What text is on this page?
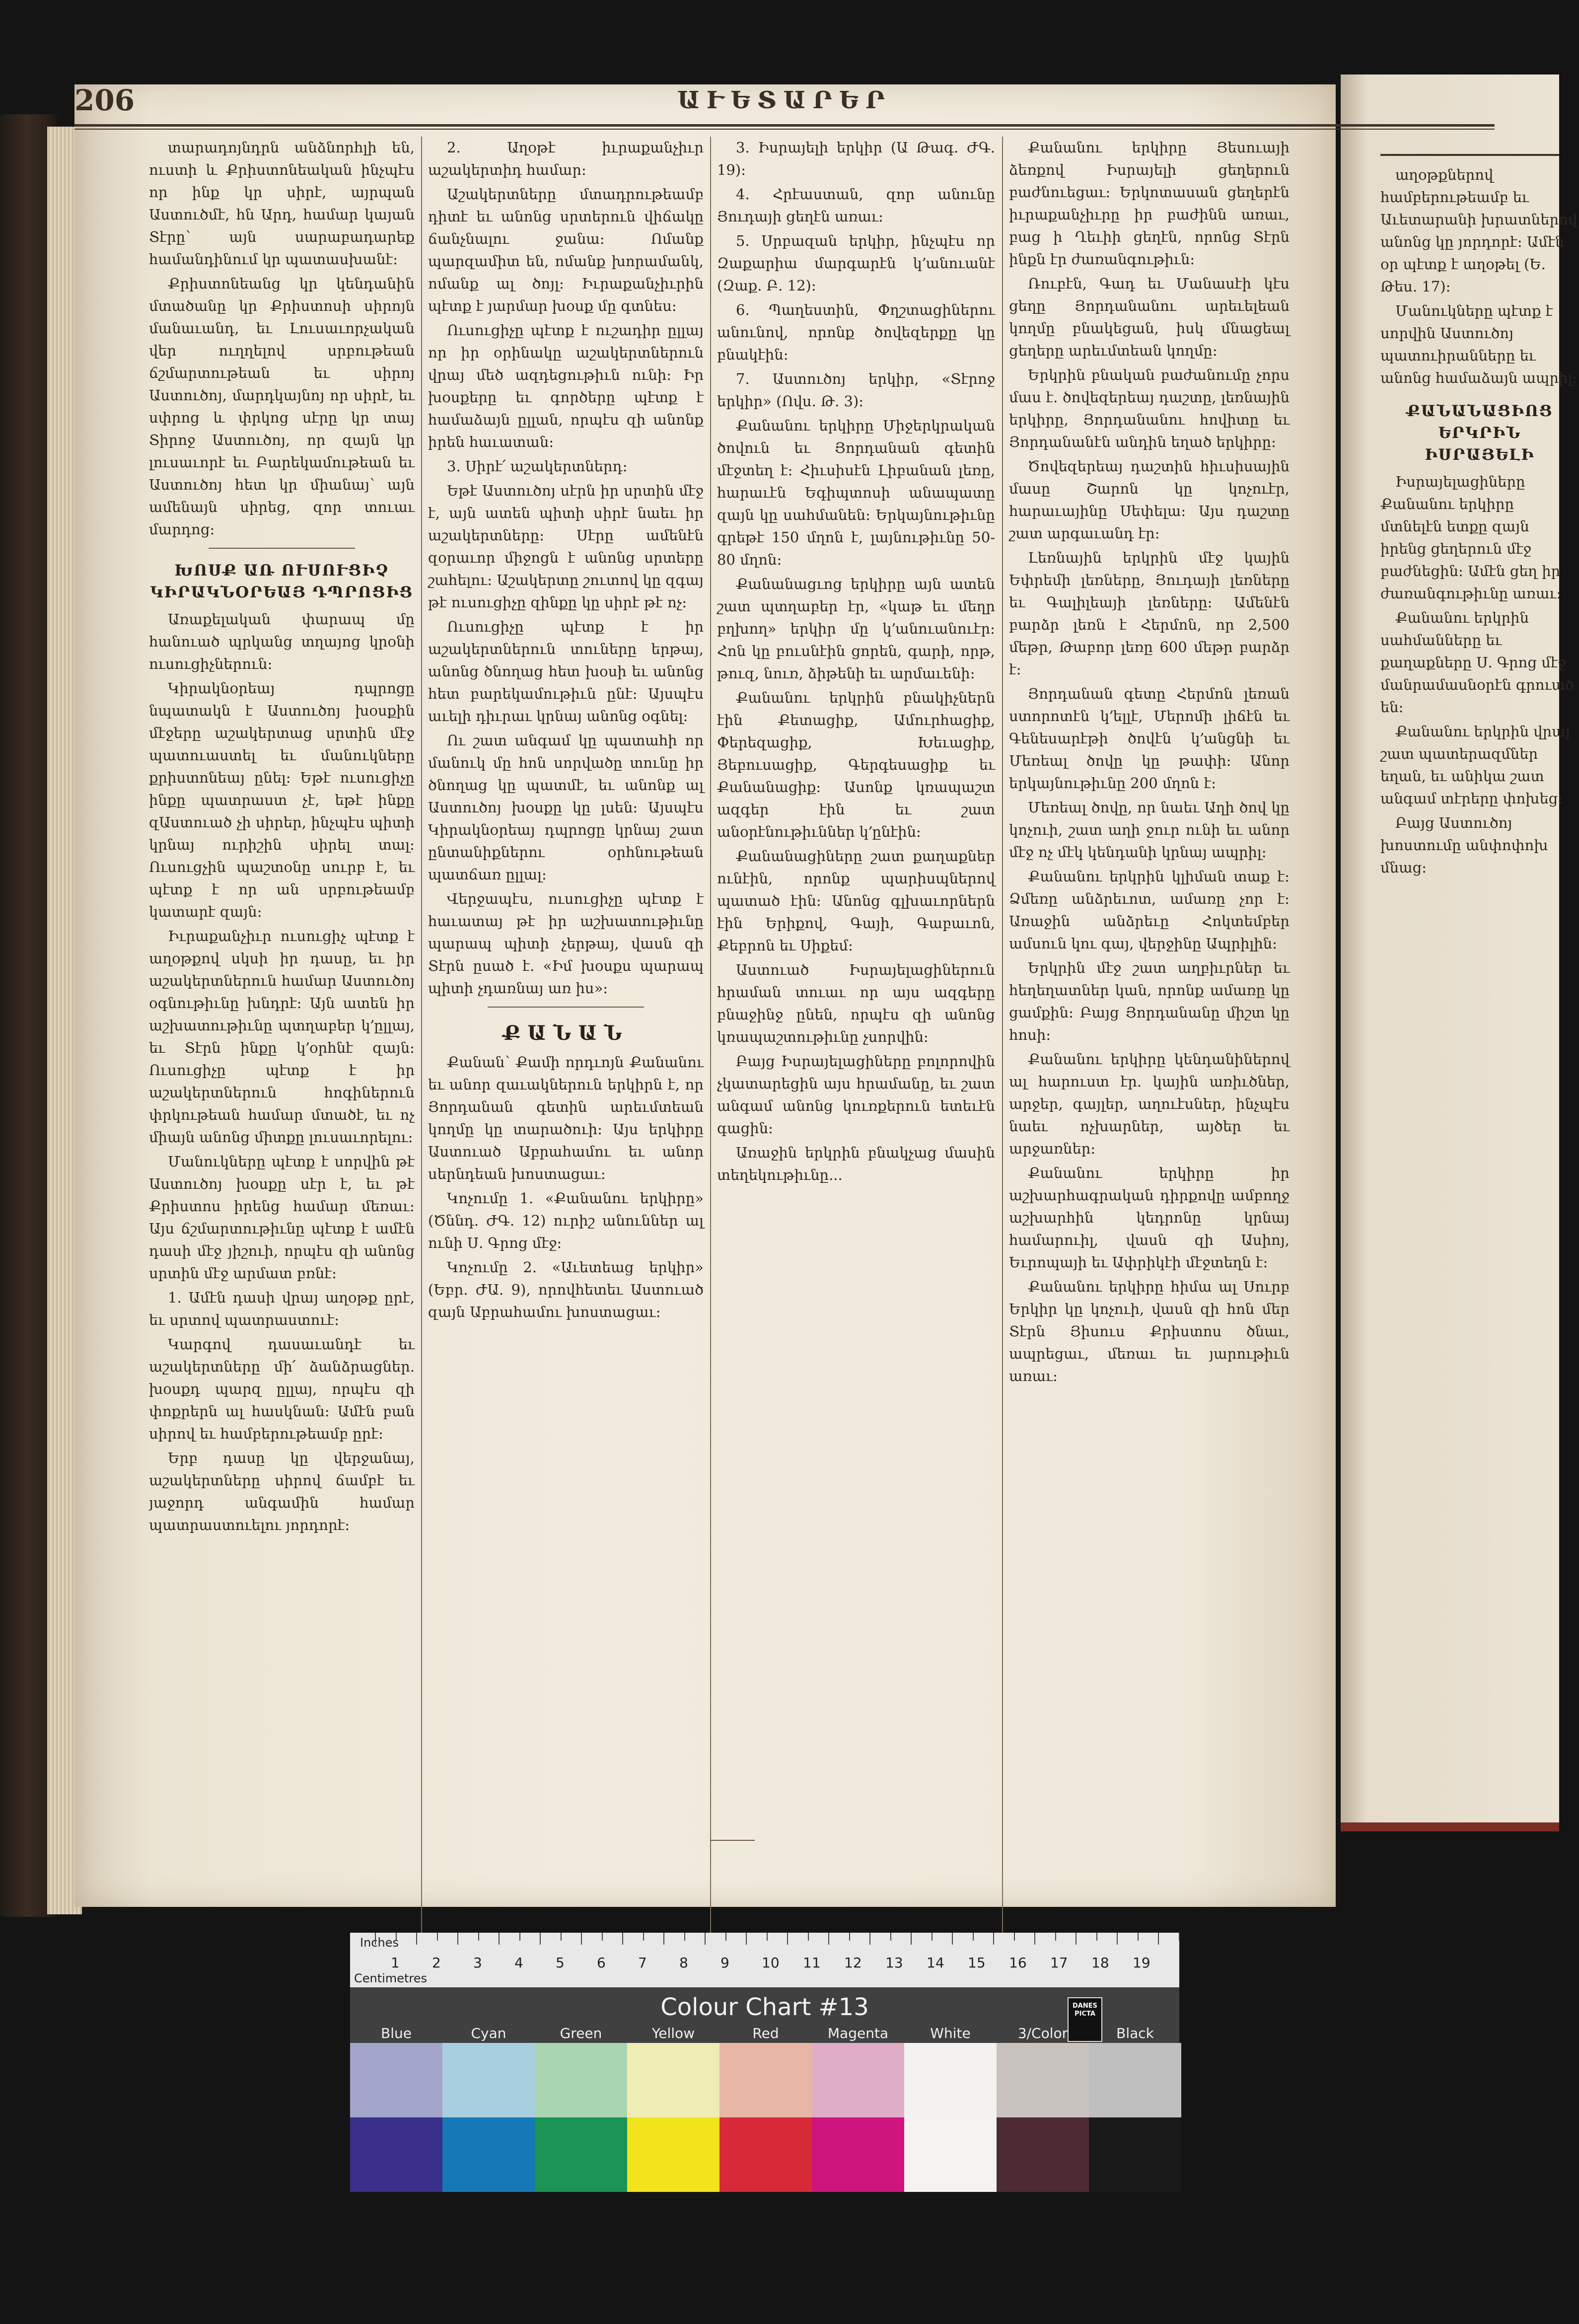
աղօթքներով համբերութեամբ եւ Աւետարանի խրատներով անոնց կը յորդորէ։ Ամէն օր պէտք է աղօթել (Ե. Թես. 17)։

Մանուկները պէտք է սորվին Աստուծոյ պատուիրանները եւ անոնց համաձայն ապրիլ։

ՔԱՆԱՆԱՑԻՈՑ ԵՐԿՐԻՆ ԻՍՐԱՅԵԼԻ

Իսրայելացիները Քանանու երկիրը մտնելէն ետքը զայն իրենց ցեղերուն մէջ բաժնեցին։ Ամէն ցեղ իր ժառանգութիւնը առաւ։

Քանանու երկրին սահմանները եւ քաղաքները Ս. Գրոց մէջ մանրամասնօրէն գրուած են։

Քանանու երկրին վրայ շատ պատերազմներ եղան, եւ անիկա շատ անգամ տէրերը փոխեց։

Բայց Աստուծոյ խոստումը անփոփոխ մնաց։

206	ԱՒԵՏԱՐԵՐ

տարադոյնդրն անձնորհլի են, ուստի և Քրիստոնեական ինչպէս որ ինք կր սիրէ, այրպան Աստուծմէ, հն Արդ, համար կայան Տէրը՝ այն սարաբադարեք համանդինում կր պատասխանէ։

Քրիստոնեանց կր կենդանին մտածանը կր Քրիստոսի սիրոյն մանաւանդ, եւ Լուսաւորչական վեր ուղղելով սրբութեան ճշմարտութեան եւ սիրոյ Աստուծոյ, մարդկայնոյ որ սիրէ, եւ սփրոց և փրկոց սէրը կր տայ Տիրոջ Աստուծոյ, որ զայն կր լուսաւորէ եւ Բարեկամութեան եւ Աստուծոյ հետ կր միանայ՝ այն ամենայն սիրեց, զոր տուաւ մարդոց։

ԽՈՍՔ ԱՌ ՈՒՍՈՒՑԻՉ ԿԻՐԱԿՆՕՐԵԱՅ ԴՊՐՈՑԻՑ

Առաքելական փարապ մը հանուած պրկանց տղայոց կրօնի ուսուցիչներուն։

Կիրակնօրեայ դպրոցը նպատակն է Աստուծոյ խօսքին մէջերը աշակերտաց սրտին մէջ պատուաստել եւ մանուկները քրիստոնեայ ընել։ Եթէ ուսուցիչը ինքը պատրաստ չէ, եթէ ինքը զԱստուած չի սիրեր, ինչպէս պիտի կրնայ ուրիշին սիրել տալ։ Ուսուցչին պաշտօնը սուրբ է, եւ պէտք է որ ան սրբութեամբ կատարէ զայն։

Իւրաքանչիւր ուսուցիչ պէտք է աղօթքով սկսի իր դասը, եւ իր աշակերտներուն համար Աստուծոյ օգնութիւնը խնդրէ։ Այն ատեն իր աշխատութիւնը պտղաբեր կ՚ըլլայ, եւ Տէրն ինքը կ՚օրհնէ զայն։ Ուսուցիչը պէտք է իր աշակերտներուն հոգիներուն փրկութեան համար մտածէ, եւ ոչ միայն անոնց միտքը լուսաւորելու։

Մանուկները պէտք է սորվին թէ Աստուծոյ խօսքը սէր է, եւ թէ Քրիստոս իրենց համար մեռաւ։ Այս ճշմարտութիւնը պէտք է ամէն դասի մէջ յիշուի, որպէս զի անոնց սրտին մէջ արմատ բռնէ։

1. Ամէն դասի վրայ աղօթք ըրէ, եւ սրտով պատրաստուէ։

Կարգով դասաւանդէ եւ աշակերտները մի՛ ձանձրացներ. խօսքդ պարզ ըլլայ, որպէս զի փոքրերն ալ հասկնան։ Ամէն բան սիրով եւ համբերութեամբ ըրէ։

Երբ դասը կը վերջանայ, աշակերտները սիրով ճամբէ եւ յաջորդ անգամին համար պատրաստուելու յորդորէ։

2. Աղօթէ իւրաքանչիւր աշակերտիդ համար։

Աշակերտները մտադրութեամբ դիտէ եւ անոնց սրտերուն վիճակը ճանչնալու ջանա։ Ոմանք պարզամիտ են, ոմանք խորամանկ, ոմանք ալ ծոյլ։ Իւրաքանչիւրին պէտք է յարմար խօսք մը գտնես։

Ուսուցիչը պէտք է ուշադիր ըլլայ որ իր օրինակը աշակերտներուն վրայ մեծ ազդեցութիւն ունի։ Իր խօսքերը եւ գործերը պէտք է համաձայն ըլլան, որպէս զի անոնք իրեն հաւատան։

3. Սիրէ՛ աշակերտներդ։

Եթէ Աստուծոյ սէրն իր սրտին մէջ է, այն ատեն պիտի սիրէ նաեւ իր աշակերտները։ Սէրը ամենէն զօրաւոր միջոցն է անոնց սրտերը շահելու։ Աշակերտը շուտով կը զգայ թէ ուսուցիչը զինքը կը սիրէ թէ ոչ։

Ուսուցիչը պէտք է իր աշակերտներուն տուները երթայ, անոնց ծնողաց հետ խօսի եւ անոնց հետ բարեկամութիւն ընէ։ Այսպէս աւելի դիւրաւ կրնայ անոնց օգնել։

Ու շատ անգամ կը պատահի որ մանուկ մը հոն սորվածը տունը իր ծնողաց կը պատմէ, եւ անոնք ալ Աստուծոյ խօսքը կը լսեն։ Այսպէս Կիրակնօրեայ դպրոցը կրնայ շատ ընտանիքներու օրհնութեան պատճառ ըլլալ։

Վերջապէս, ուսուցիչը պէտք է հաւատայ թէ իր աշխատութիւնը պարապ պիտի չերթայ, վասն զի Տէրն ըսած է. «Իմ խօսքս պարապ պիտի չդառնայ առ իս»։

ՔԱՆԱՆ

Քանան՝ Քամի որդւոյն Քանանու եւ անոր զաւակներուն երկիրն է, որ Յորդանան գետին արեւմտեան կողմը կը տարածուի։ Այս երկիրը Աստուած Աբրահամու եւ անոր սերնդեան խոստացաւ։

Կոչումը 1. «Քանանու երկիրը» (Ծննդ. ԺԳ. 12) ուրիշ անուններ ալ ունի Ս. Գրոց մէջ։

Կոչումը 2. «Աւետեաց երկիր» (Եբր. ԺԱ. 9), որովհետեւ Աստուած զայն Աբրահամու խոստացաւ։

3. Իսրայելի երկիր (Ա Թագ. ԺԳ. 19)։

4. Հրէաստան, զոր անունը Յուդայի ցեղէն առաւ։

5. Սրբազան երկիր, ինչպէս որ Զաքարիա մարգարէն կ՚անուանէ (Զաք. Բ. 12)։

6. Պաղեստին, Փղշտացիներու անունով, որոնք ծովեզերքը կը բնակէին։

7. Աստուծոյ երկիր, «Տէրոջ երկիր» (Ովս. Թ. 3)։

Քանանու երկիրը Միջերկրական ծովուն եւ Յորդանան գետին մէջտեղ է։ Հիւսիսէն Լիբանան լեռը, հարաւէն Եգիպտոսի անապատը զայն կը սահմանեն։ Երկայնութիւնը գրեթէ 150 մղոն է, լայնութիւնը 50-80 մղոն։

Քանանացւոց երկիրը այն ատեն շատ պտղաբեր էր, «կաթ եւ մեղր բղխող» երկիր մը կ՚անուանուէր։ Հոն կը բուսնէին ցորեն, գարի, որթ, թուզ, նուռ, ձիթենի եւ արմաւենի։

Քանանու երկրին բնակիչներն էին Քետացիք, Ամուրհացիք, Փերեզացիք, Խեւացիք, Յեբուսացիք, Գերգեսացիք եւ Քանանացիք։ Ասոնք կռապաշտ ազգեր էին եւ շատ անօրէնութիւններ կ՚ընէին։

Քանանացիները շատ քաղաքներ ունէին, որոնք պարիսպներով պատած էին։ Անոնց գլխաւորներն էին Երիքով, Գայի, Գաբաւոն, Քեբրոն եւ Սիքեմ։

Աստուած Իսրայելացիներուն հրաման տուաւ որ այս ազգերը բնաջինջ ընեն, որպէս զի անոնց կռապաշտութիւնը չսորվին։

Բայց Իսրայելացիները բոլորովին չկատարեցին այս հրամանը, եւ շատ անգամ անոնց կուռքերուն ետեւէն գացին։

Առաջին երկրին բնակչաց մասին տեղեկութիւնը...

Քանանու երկիրը Յեսուայի ձեռքով Իսրայելի ցեղերուն բաժնուեցաւ։ Երկոտասան ցեղերէն իւրաքանչիւրը իր բաժինն առաւ, բաց ի Ղեւիի ցեղէն, որոնց Տէրն ինքն էր ժառանգութիւն։

Ռուբէն, Գադ եւ Մանասէի կէս ցեղը Յորդանանու արեւելեան կողմը բնակեցան, իսկ մնացեալ ցեղերը արեւմտեան կողմը։

Երկրին բնական բաժանումը չորս մաս է. ծովեզերեայ դաշտը, լեռնային երկիրը, Յորդանանու հովիտը եւ Յորդանանէն անդին եղած երկիրը։

Ծովեզերեայ դաշտին հիւսիսային մասը Շարոն կը կոչուէր, հարաւայինը Սեփելա։ Այս դաշտը շատ արգաւանդ էր։

Լեռնային երկրին մէջ կային Եփրեմի լեռները, Յուդայի լեռները եւ Գալիլեայի լեռները։ Ամենէն բարձր լեռն է Հերմոն, որ 2,500 մեթր, Թաբոր լեռը 600 մեթր բարձր է։

Յորդանան գետը Հերմոն լեռան ստորոտէն կ՚ելլէ, Մերոմի լիճէն եւ Գենեսարէթի ծովէն կ՚անցնի եւ Մեռեալ ծովը կը թափի։ Անոր երկայնութիւնը 200 մղոն է։

Մեռեալ ծովը, որ նաեւ Աղի ծով կը կոչուի, շատ աղի ջուր ունի եւ անոր մէջ ոչ մէկ կենդանի կրնայ ապրիլ։

Քանանու երկրին կլիման տաք է։ Ձմեռը անձրեւոտ, ամառը չոր է։ Առաջին անձրեւը Հոկտեմբեր ամսուն կու գայ, վերջինը Ապրիլին։

Երկրին մէջ շատ աղբիւրներ եւ հեղեղատներ կան, որոնք ամառը կը ցամքին։ Բայց Յորդանանը միշտ կը հոսի։

Քանանու երկիրը կենդանիներով ալ հարուստ էր. կային առիւծներ, արջեր, գայլեր, աղուէսներ, ինչպէս նաեւ ոչխարներ, այծեր եւ արջառներ։

Քանանու երկիրը իր աշխարհագրական դիրքովը ամբողջ աշխարհին կեդրոնը կրնայ համարուիլ, վասն զի Ասիոյ, Եւրոպայի եւ Ափրիկէի մէջտեղն է։

Քանանու երկիրը հիմա ալ Սուրբ Երկիր կը կոչուի, վասն զի հոն մեր Տէրն Յիսուս Քրիստոս ծնաւ, ապրեցաւ, մեռաւ եւ յարութիւն առաւ։

Inches
Centimetres
1 2 3 4 5 6 7 8 9 10 11 12 13 14 15 16 17 18 19
Colour Chart #13	DANES PICTA
Blue	Cyan	Green	Yellow	Red	Magenta	White	3/Color	Black
